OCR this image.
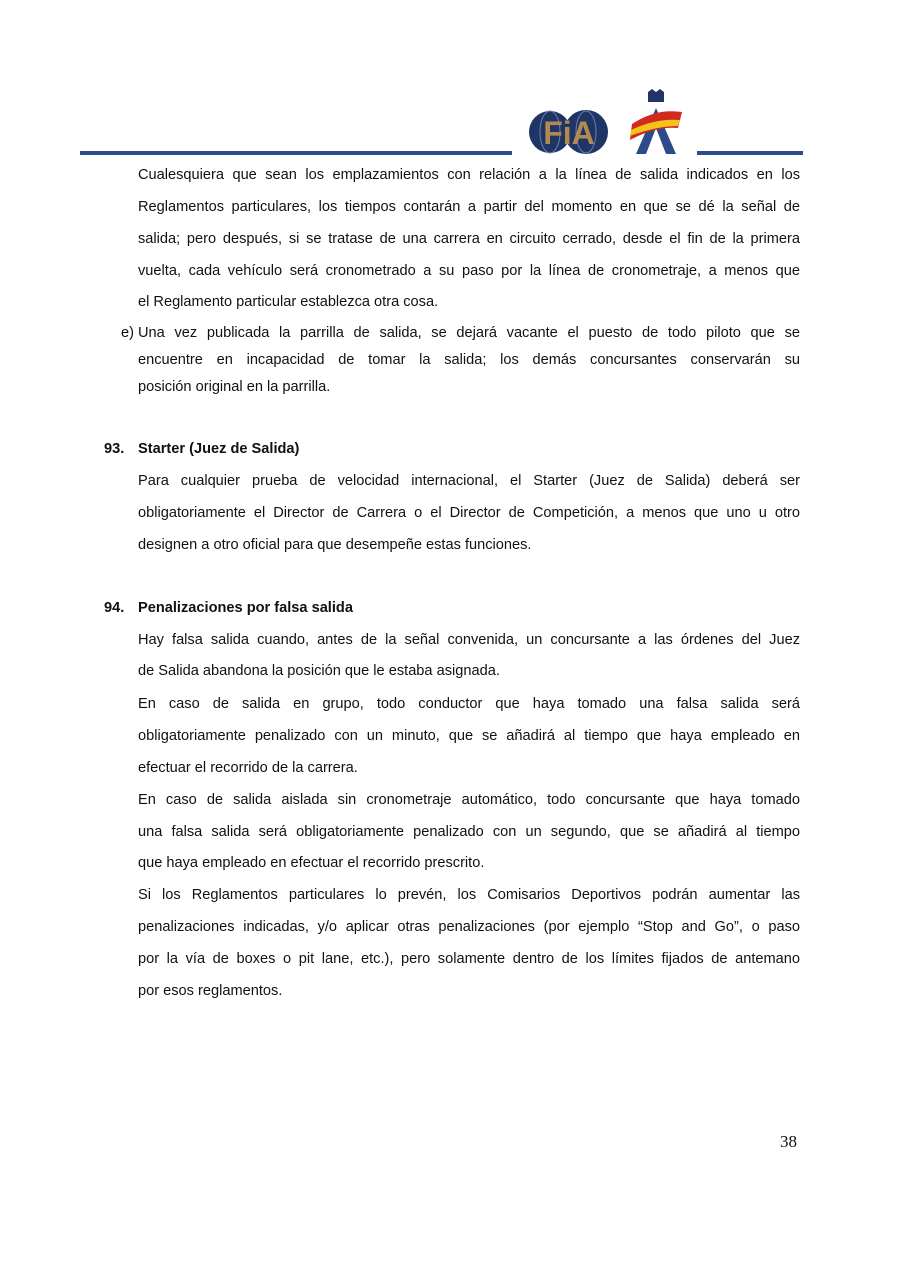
FiA
Cualesquiera que sean los emplazamientos con relación a la línea de salida indicados en los
Reglamentos particulares, los tiempos contarán a partir del momento en que se dé la señal de
salida; pero después, si se tratase de una carrera en circuito cerrado, desde el fin de la primera
vuelta, cada vehículo será cronometrado a su paso por la línea de cronometraje, a menos que
el Reglamento particular establezca otra cosa.
e) Una vez publicada la parrilla de salida, se dejará vacante el puesto de todo piloto que se
encuentre en incapacidad de tomar la salida; los demás concursantes conservarán su
posición original en la parrilla.
93. Starter (Juez de Salida)
Para cualquier prueba de velocidad internacional, el Starter (Juez de Salida) deberá ser
obligatoriamente el Director de Carrera o el Director de Competición, a menos que uno u otro
designen a otro oficial para que desempeñe estas funciones.
94. Penalizaciones por falsa salida
Hay falsa salida cuando, antes de la señal convenida, un concursante a las órdenes del Juez
de Salida abandona la posición que le estaba asignada.
En caso de salida en grupo, todo conductor que haya tomado una falsa salida será
obligatoriamente penalizado con un minuto, que se añadirá al tiempo que haya empleado en
efectuar el recorrido de la carrera.
En caso de salida aislada sin cronometraje automático, todo concursante que haya tomado
una falsa salida será obligatoriamente penalizado con un segundo, que se añadirá al tiempo
que haya empleado en efectuar el recorrido prescrito.
Si los Reglamentos particulares lo prevén, los Comisarios Deportivos podrán aumentar las
penalizaciones indicadas, y/o aplicar otras penalizaciones (por ejemplo “Stop and Go”, o paso
por la vía de boxes o pit lane, etc.), pero solamente dentro de los límites fijados de antemano
por esos reglamentos.
38
